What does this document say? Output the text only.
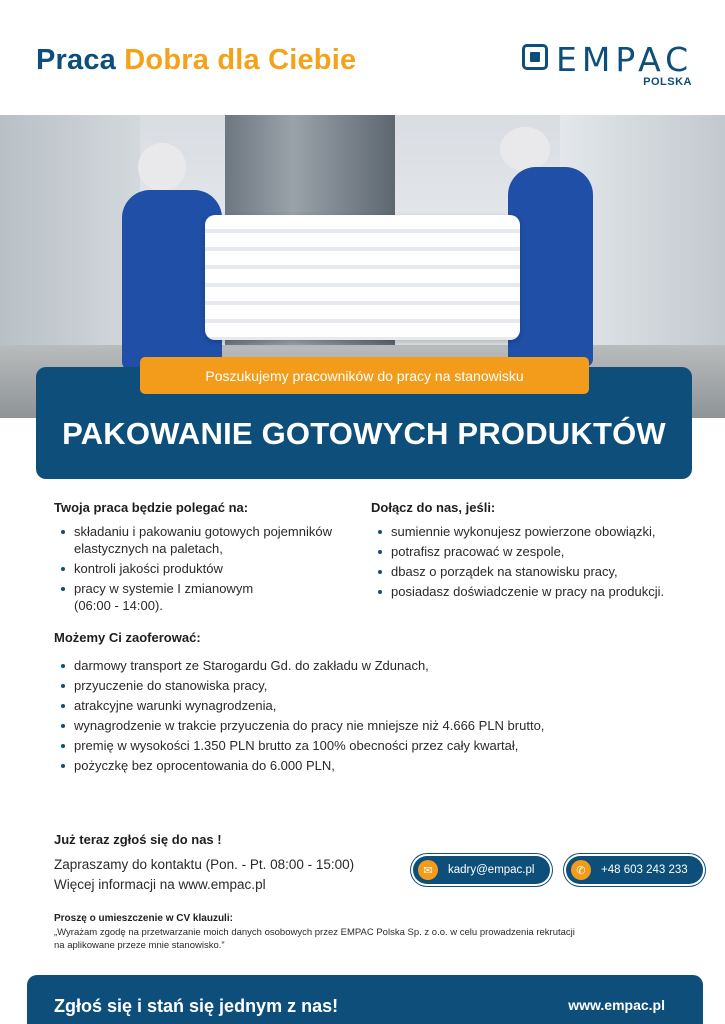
Praca Dobra dla Ciebie	EMPAC
POLSKA
Poszukujemy pracowników do pracy na stanowisku
PAKOWANIE GOTOWYCH PRODUKTÓW
Twoja praca będzie polegać na:
składaniu i pakowaniu gotowych pojemników elastycznych na paletach,
kontroli jakości produktów
pracy w systemie I zmianowym (06:00 - 14:00).
Dołącz do nas, jeśli:
sumiennie wykonujesz powierzone obowiązki,
potrafisz pracować w zespole,
dbasz o porządek na stanowisku pracy,
posiadasz doświadczenie w pracy na produkcji.
Możemy Ci zaoferować:
darmowy transport ze Starogardu Gd. do zakładu w Zdunach,
przyuczenie do stanowiska pracy,
atrakcyjne warunki wynagrodzenia,
wynagrodzenie w trakcie przyuczenia do pracy nie mniejsze niż 4.666 PLN brutto,
premię w wysokości 1.350 PLN brutto za 100% obecności przez cały kwartał,
pożyczkę bez oprocentowania do 6.000 PLN,
Już teraz zgłoś się do nas !
Zapraszamy do kontaktu (Pon. - Pt. 08:00 - 15:00)
Więcej informacji na www.empac.pl
✉	kadry@empac.pl	✆	+48 603 243 233
Proszę o umieszczenie w CV klauzuli:
„Wyrażam zgodę na przetwarzanie moich danych osobowych przez EMPAC Polska Sp. z o.o. w celu prowadzenia rekrutacji
na aplikowane przeze mnie stanowisko.”
Zgłoś się i stań się jednym z nas!	www.empac.pl
